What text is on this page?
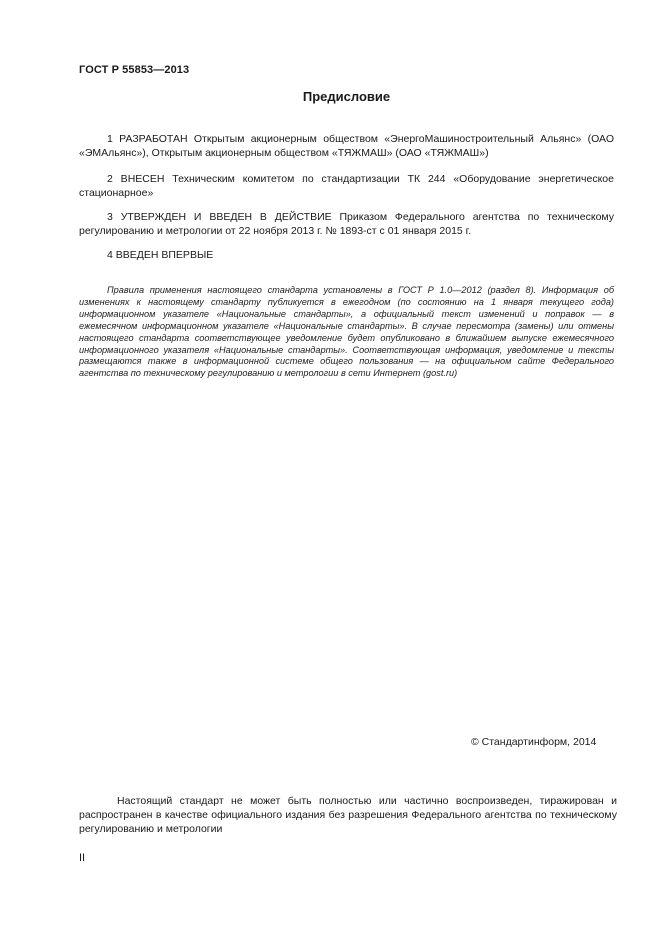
ГОСТ Р 55853—2013
Предисловие

1 РАЗРАБОТАН Открытым акционерным обществом «ЭнергоМашиностроительный Альянс» (ОАО «ЭМАльянс»), Открытым акционерным обществом «ТЯЖМАШ» (ОАО «ТЯЖМАШ»)

2 ВНЕСЕН Техническим комитетом по стандартизации ТК 244 «Оборудование энергетическое стационарное»

3 УТВЕРЖДЕН И ВВЕДЕН В ДЕЙСТВИЕ Приказом Федерального агентства по техническому регулированию и метрологии от 22 ноября 2013 г. № 1893-ст с 01 января 2015 г.

4 ВВЕДЕН ВПЕРВЫЕ

Правила применения настоящего стандарта установлены в ГОСТ Р 1.0—2012 (раздел 8). Информация об изменениях к настоящему стандарту публикуется в ежегодном (по состоянию на 1 января текущего года) информационном указателе «Национальные стандарты», а официальный текст изменений и поправок — в ежемесячном информационном указателе «Национальные стандарты». В случае пересмотра (замены) или отмены настоящего стандарта соответствующее уведомление будет опубликовано в ближайшем выпуске ежемесячного информационного указателя «Национальные стандарты». Соответствующая информация, уведомление и тексты размещаются также в информационной системе общего пользования — на официальном сайте Федерального агентства по техническому регулированию и метрологии в сети Интернет (gost.ru)

© Стандартинформ, 2014

Настоящий стандарт не может быть полностью или частично воспроизведен, тиражирован и распространен в качестве официального издания без разрешения Федерального агентства по техническому регулированию и метрологии

II
